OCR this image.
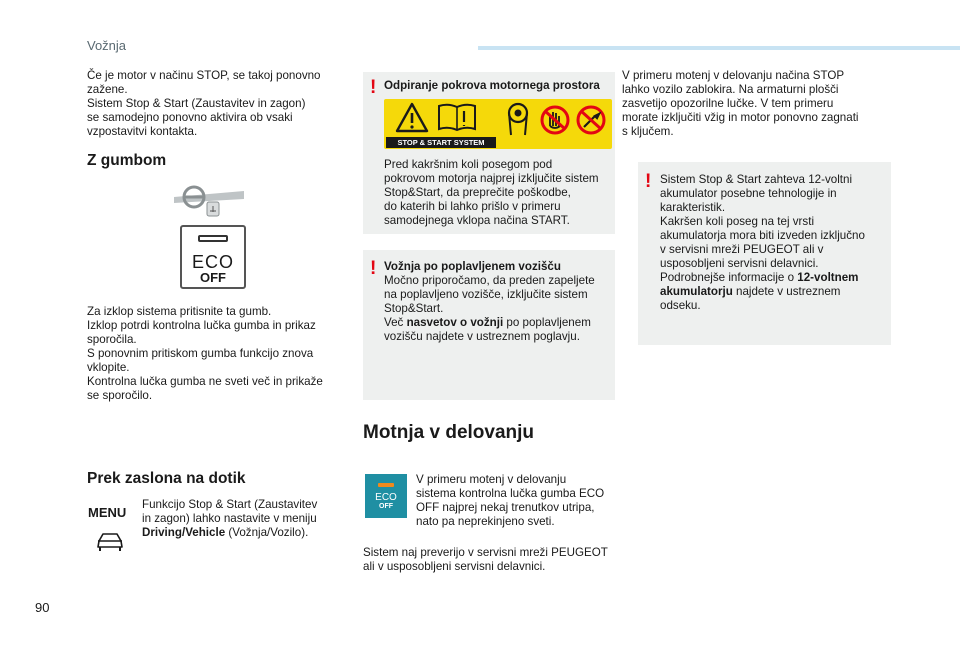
Vožnja
Če je motor v načinu STOP, se takoj ponovno
zažene.
Sistem Stop & Start (Zaustavitev in zagon)
se samodejno ponovno aktivira ob vsaki
vzpostavitvi kontakta.
Z gumbom
ECO
OFF
Za izklop sistema pritisnite ta gumb.
Izklop potrdi kontrolna lučka gumba in prikaz
sporočila.
S ponovnim pritiskom gumba funkcijo znova
vklopite.
Kontrolna lučka gumba ne sveti več in prikaže
se sporočilo.
Prek zaslona na dotik
MENU
Funkcijo Stop & Start (Zaustavitev
in zagon) lahko nastavite v meniju
Driving/Vehicle (Vožnja/Vozilo).
! Odpiranje pokrova motornega prostora
STOP & START SYSTEM
Pred kakršnim koli posegom pod
pokrovom motorja najprej izključite sistem
Stop&Start, da preprečite poškodbe,
do katerih bi lahko prišlo v primeru
samodejnega vklopa načina START.
! Vožnja po poplavljenem vozišču
Močno priporočamo, da preden zapeljete
na poplavljeno vozišče, izključite sistem
Stop&Start.
Več nasvetov o vožnji po poplavljenem
vozišču najdete v ustreznem poglavju.
Motnja v delovanju
ECO
OFF
V primeru motenj v delovanju
sistema kontrolna lučka gumba ECO
OFF najprej nekaj trenutkov utripa,
nato pa neprekinjeno sveti.
Sistem naj preverijo v servisni mreži PEUGEOT
ali v usposobljeni servisni delavnici.
V primeru motenj v delovanju načina STOP
lahko vozilo zablokira. Na armaturni plošči
zasvetijo opozorilne lučke. V tem primeru
morate izključiti vžig in motor ponovno zagnati
s ključem.
! Sistem Stop & Start zahteva 12-voltni
akumulator posebne tehnologije in
karakteristik.
Kakršen koli poseg na tej vrsti
akumulatorja mora biti izveden izključno
v servisni mreži PEUGEOT ali v
usposobljeni servisni delavnici.
Podrobnejše informacije o 12-voltnem
akumulatorju najdete v ustreznem
odseku.
90
